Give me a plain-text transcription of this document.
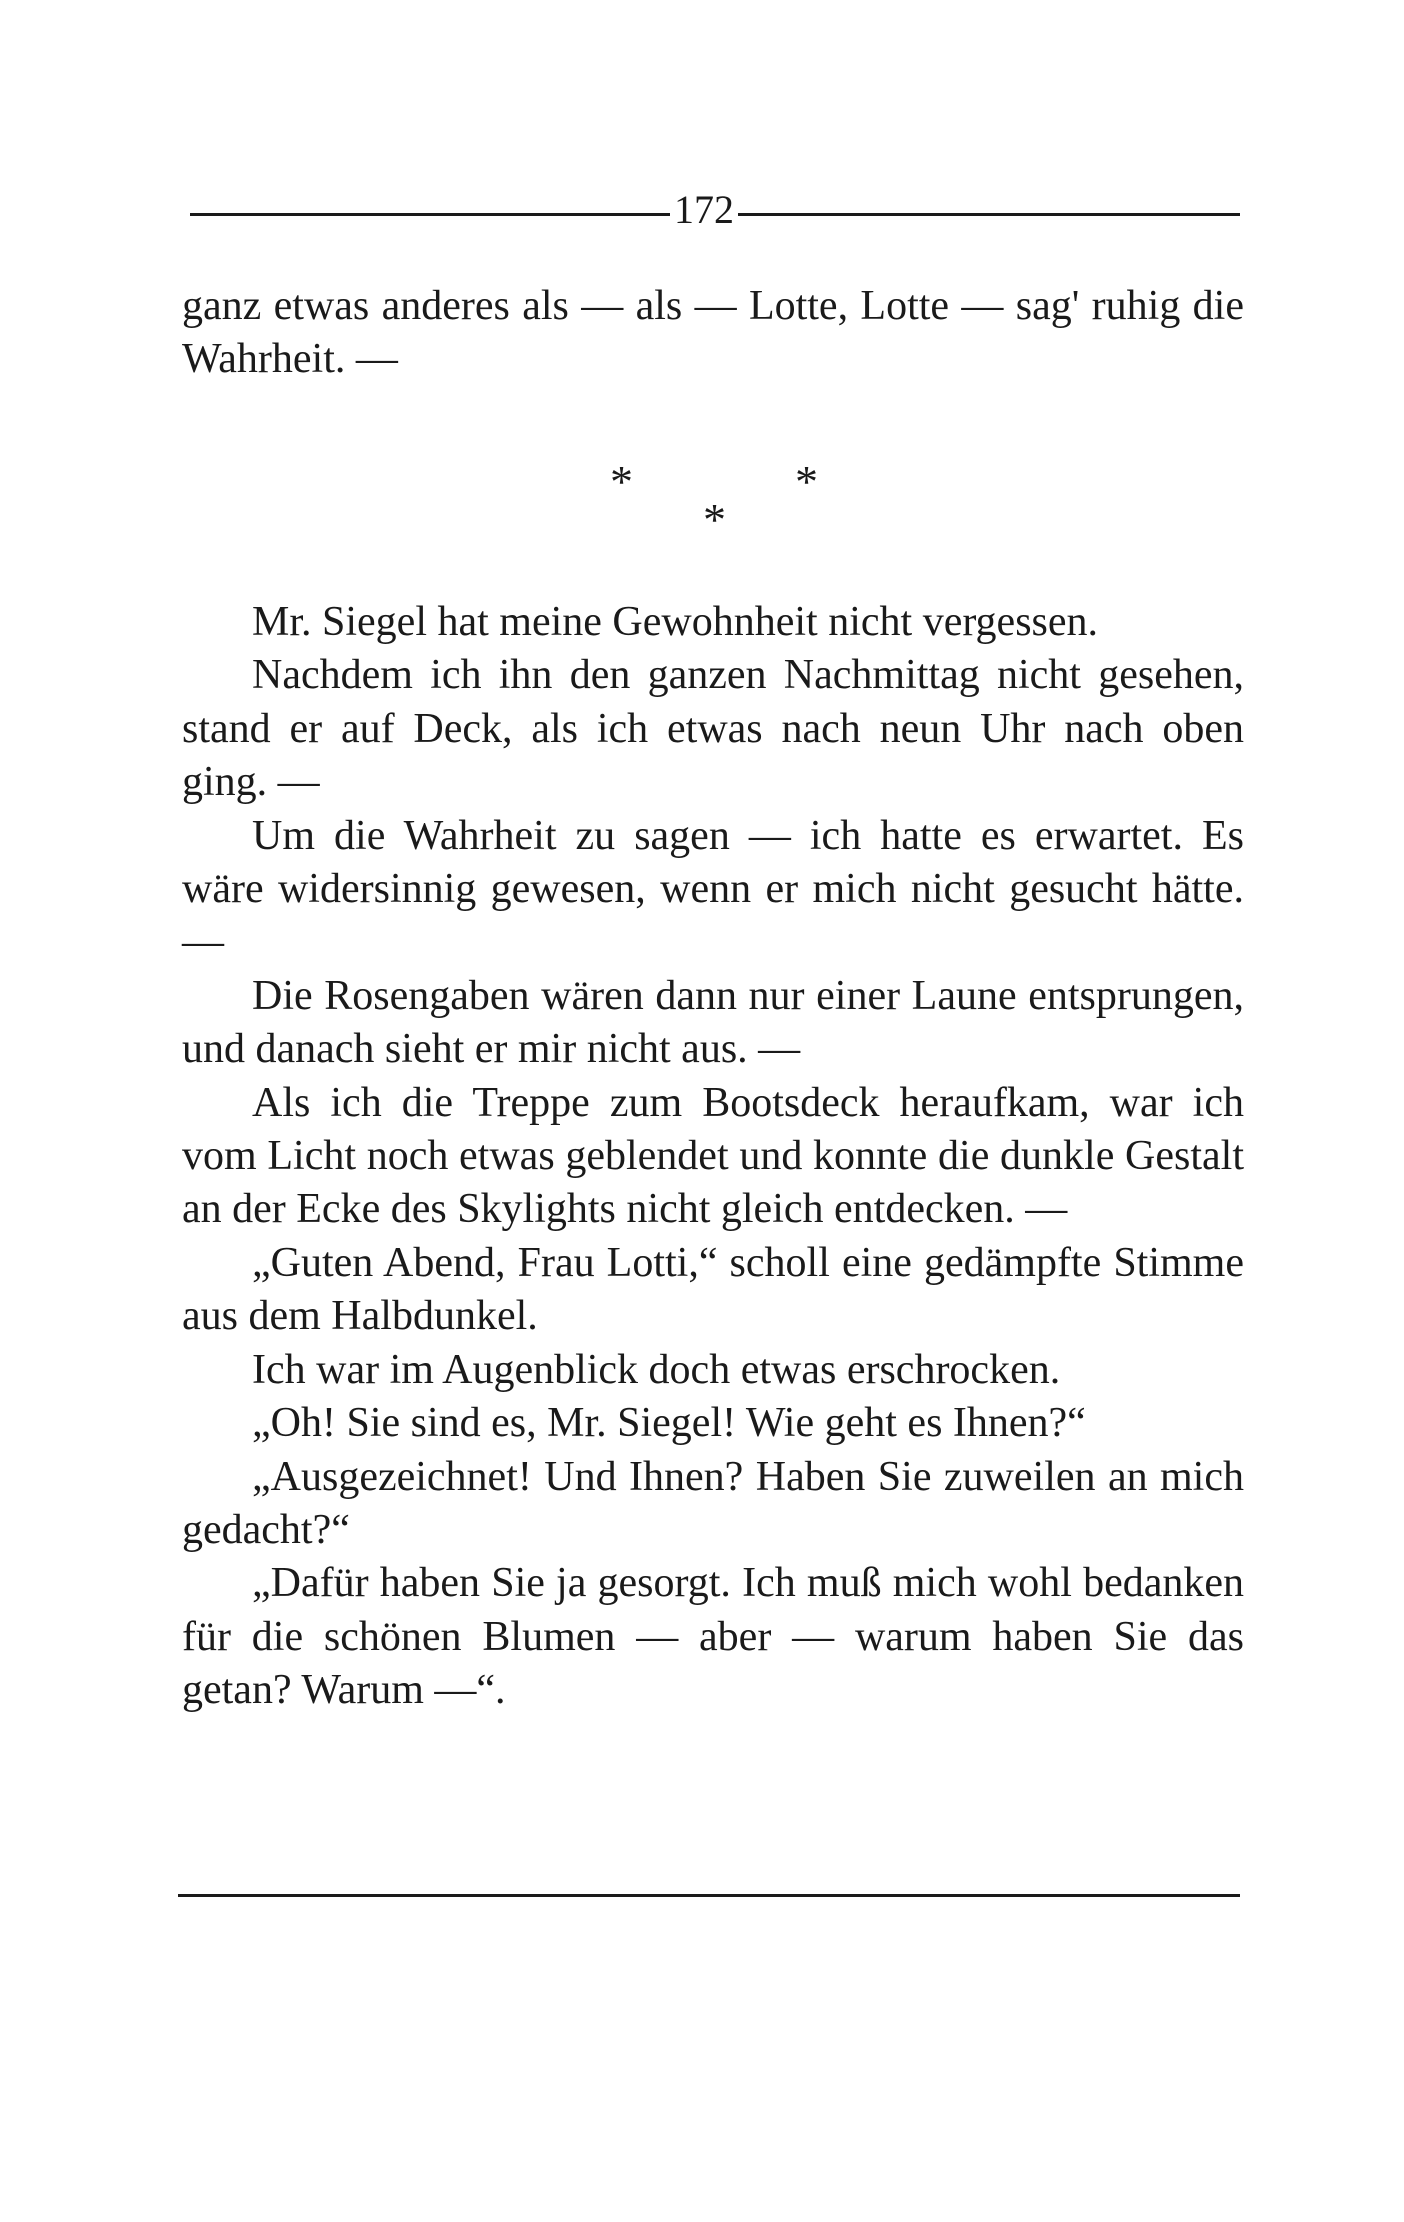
172

ganz etwas anderes als — als — Lotte, Lotte — sag' ruhig die Wahrheit. —

*	*
*

Mr. Siegel hat meine Gewohnheit nicht vergessen.

Nachdem ich ihn den ganzen Nachmittag nicht gesehen, stand er auf Deck, als ich etwas nach neun Uhr nach oben ging. —

Um die Wahrheit zu sagen — ich hatte es erwartet. Es wäre widersinnig gewesen, wenn er mich nicht gesucht hätte. —

Die Rosengaben wären dann nur einer Laune entsprungen, und danach sieht er mir nicht aus. —

Als ich die Treppe zum Bootsdeck heraufkam, war ich vom Licht noch etwas geblendet und konnte die dunkle Gestalt an der Ecke des Skylights nicht gleich entdecken. —

„Guten Abend, Frau Lotti,“ scholl eine gedämpfte Stimme aus dem Halbdunkel.

Ich war im Augenblick doch etwas erschrocken.

„Oh! Sie sind es, Mr. Siegel! Wie geht es Ihnen?“

„Ausgezeichnet! Und Ihnen? Haben Sie zuweilen an mich gedacht?“

„Dafür haben Sie ja gesorgt. Ich muß mich wohl bedanken für die schönen Blumen — aber — warum haben Sie das getan? Warum —“.
